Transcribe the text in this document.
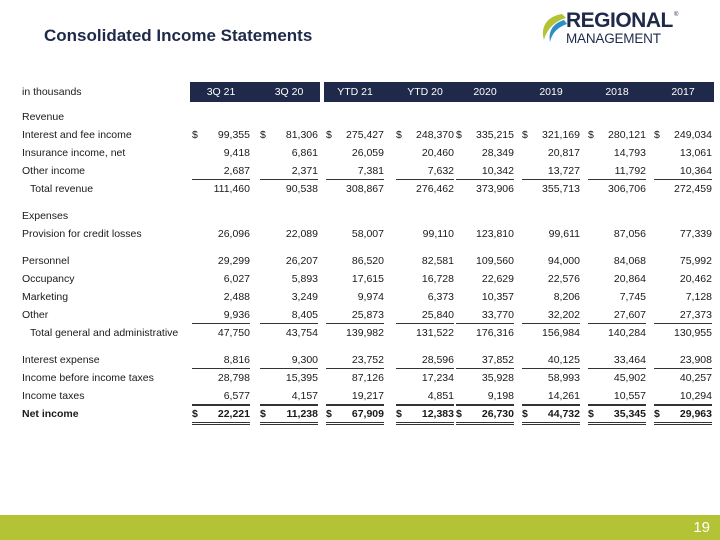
Consolidated Income Statements
REGIONAL ®
MANAGEMENT
in thousands	3Q 21	3Q 20	YTD 21	YTD 20	2020	2019	2018	2017
Revenue
Interest and fee income	$ 99,355 $ 81,306 $ 275,427 $ 248,370 $ 335,215 $ 321,169 $ 280,121 $ 249,034
Insurance income, net	9,418	6,861	26,059	20,460	28,349	20,817	14,793	13,061
Other income	2,687	2,371	7,381	7,632	10,342	13,727	11,792	10,364
Total revenue	111,460	90,538	308,867	276,462 373,906	355,713	306,706	272,459
Expenses
Provision for credit losses	26,096	22,089	58,007	99,110 123,810	99,611	87,056	77,339
Personnel	29,299	26,207	86,520	82,581 109,560	94,000	84,068	75,992
Occupancy	6,027	5,893	17,615	16,728	22,629	22,576	20,864	20,462
Marketing	2,488	3,249	9,974	6,373	10,357	8,206	7,745	7,128
Other	9,936	8,405	25,873	25,840	33,770	32,202	27,607	27,373
Total general and administrative	47,750	43,754	139,982	131,522 176,316	156,984	140,284	130,955
Interest expense	8,816	9,300	23,752	28,596	37,852	40,125	33,464	23,908
Income before income taxes	28,798	15,395	87,126	17,234	35,928	58,993	45,902	40,257
Income taxes	6,577	4,157	19,217	4,851	9,198	14,261	10,557	10,294
Net income	$ 22,221 $ 11,238 $ 67,909 $ 12,383 $ 26,730 $ 44,732 $ 35,345 $ 29,963
19
